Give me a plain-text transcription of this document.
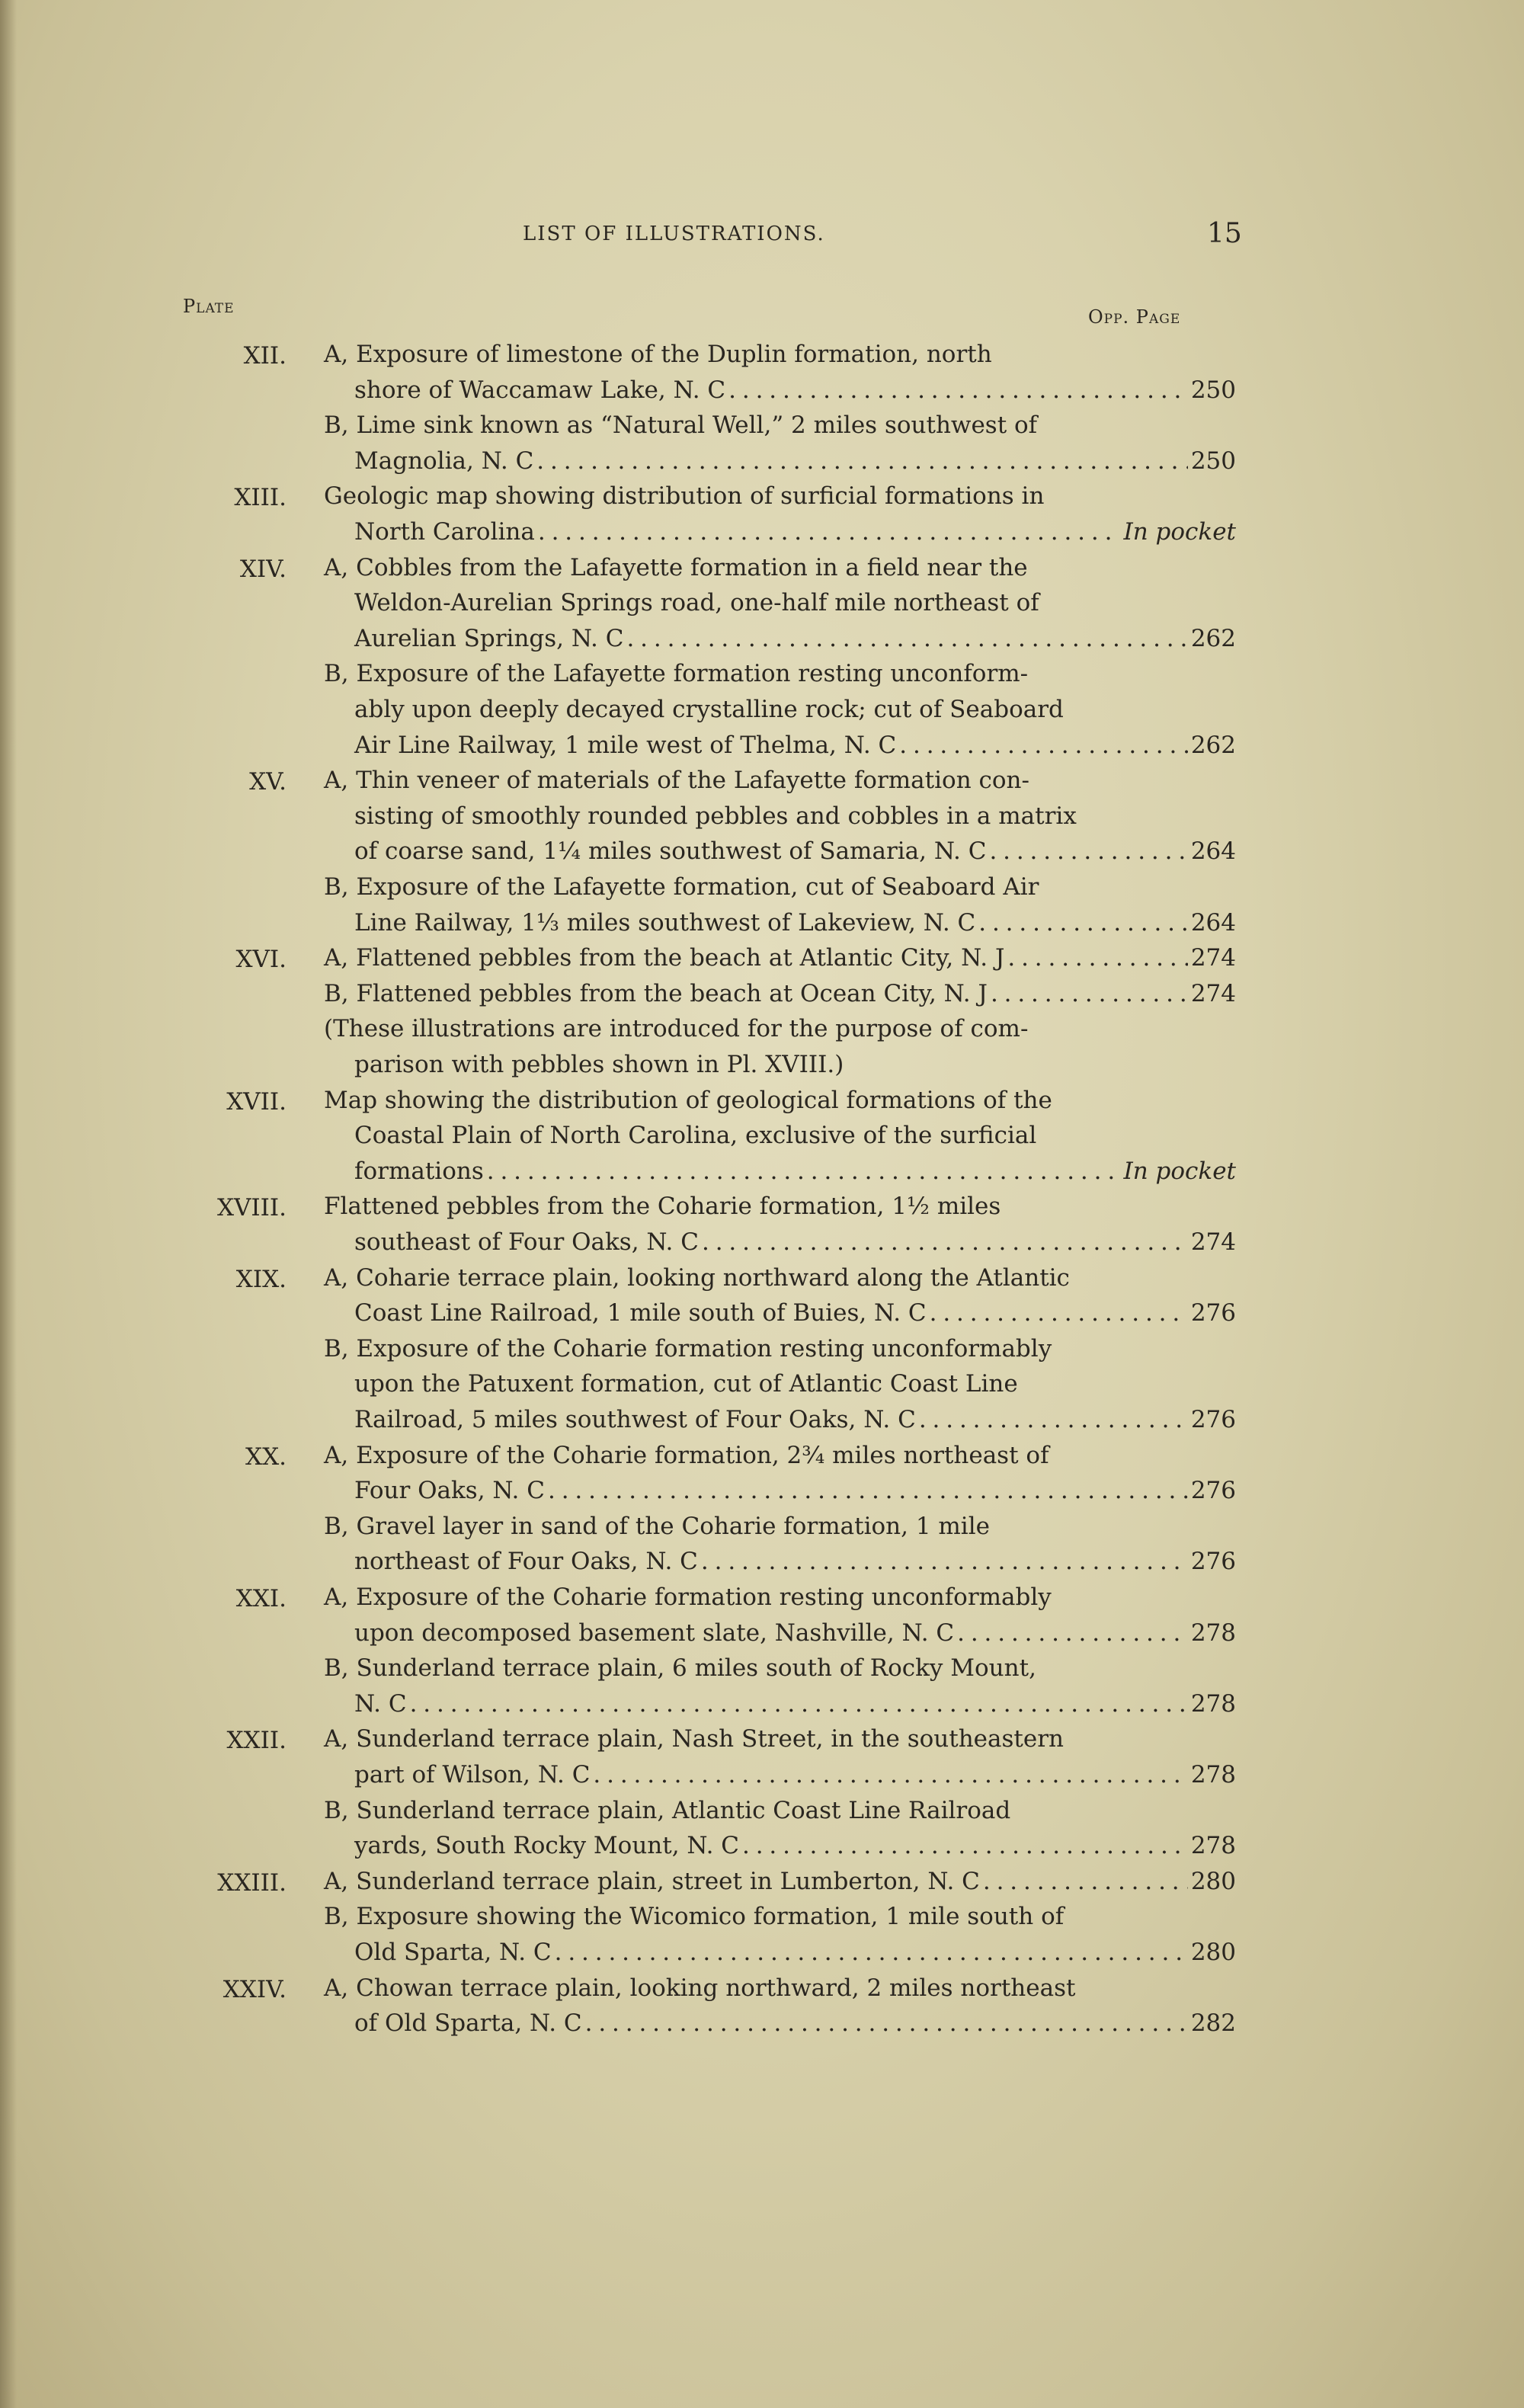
LIST OF ILLUSTRATIONS.	15
Plate	Opp. Page
XII. A, Exposure of limestone of the Duplin formation, north
shore of Waccamaw Lake, N. C . . .	250
B, Lime sink known as “Natural Well,” 2 miles southwest of
Magnolia, N. C . . .	250
XIII. Geologic map showing distribution of surficial formations in
North Carolina . . .	In pocket
XIV. A, Cobbles from the Lafayette formation in a field near the
Weldon-Aurelian Springs road, one-half mile northeast of
Aurelian Springs, N. C . . .	262
B, Exposure of the Lafayette formation resting unconform-
ably upon deeply decayed crystalline rock; cut of Seaboard
Air Line Railway, 1 mile west of Thelma, N. C . . .	262
XV. A, Thin veneer of materials of the Lafayette formation con-
sisting of smoothly rounded pebbles and cobbles in a matrix
of coarse sand, 1¼ miles southwest of Samaria, N. C . . .	264
B, Exposure of the Lafayette formation, cut of Seaboard Air
Line Railway, 1⅓ miles southwest of Lakeview, N. C . . .	264
XVI. A, Flattened pebbles from the beach at Atlantic City, N. J . . .	274
B, Flattened pebbles from the beach at Ocean City, N. J . . .	274
(These illustrations are introduced for the purpose of com-
parison with pebbles shown in Pl. XVIII.)
XVII. Map showing the distribution of geological formations of the
Coastal Plain of North Carolina, exclusive of the surficial
formations . . .	In pocket
XVIII. Flattened pebbles from the Coharie formation, 1½ miles
southeast of Four Oaks, N. C . . .	274
XIX. A, Coharie terrace plain, looking northward along the Atlantic
Coast Line Railroad, 1 mile south of Buies, N. C . . .	276
B, Exposure of the Coharie formation resting unconformably
upon the Patuxent formation, cut of Atlantic Coast Line
Railroad, 5 miles southwest of Four Oaks, N. C . . .	276
XX. A, Exposure of the Coharie formation, 2¾ miles northeast of
Four Oaks, N. C . . .	276
B, Gravel layer in sand of the Coharie formation, 1 mile
northeast of Four Oaks, N. C . . .	276
XXI. A, Exposure of the Coharie formation resting unconformably
upon decomposed basement slate, Nashville, N. C . . .	278
B, Sunderland terrace plain, 6 miles south of Rocky Mount,
N. C . . .	278
XXII. A, Sunderland terrace plain, Nash Street, in the southeastern
part of Wilson, N. C . . .	278
B, Sunderland terrace plain, Atlantic Coast Line Railroad
yards, South Rocky Mount, N. C . . .	278
XXIII. A, Sunderland terrace plain, street in Lumberton, N. C . . .	280
B, Exposure showing the Wicomico formation, 1 mile south of
Old Sparta, N. C . . .	280
XXIV. A, Chowan terrace plain, looking northward, 2 miles northeast
of Old Sparta, N. C . . .	282
